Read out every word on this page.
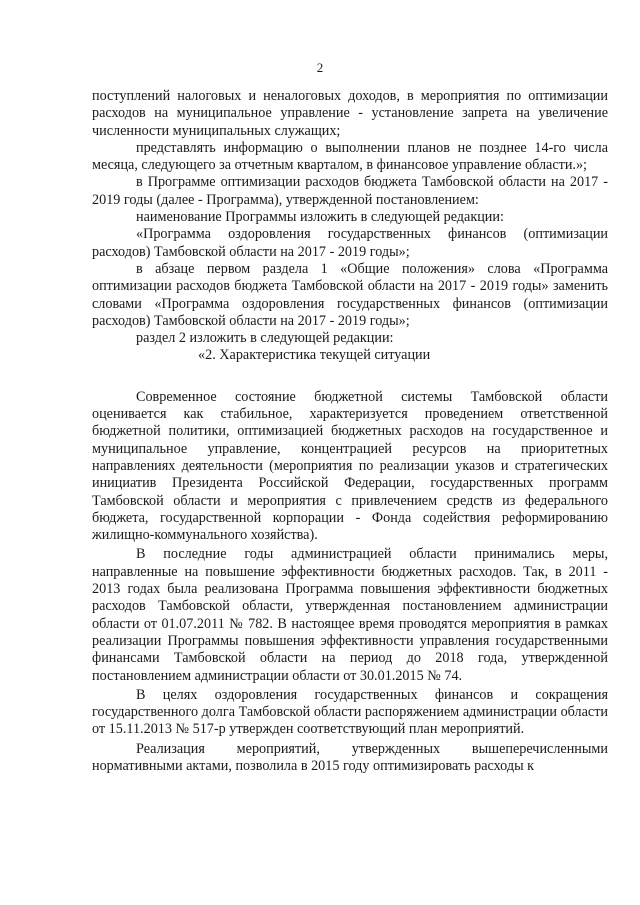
2

поступлений налоговых и неналоговых доходов, в мероприятия по оптимизации расходов на муниципальное управление - установление запрета на увеличение численности муниципальных служащих;

представлять информацию о выполнении планов не позднее 14-го числа месяца, следующего за отчетным кварталом, в финансовое управление области.»;

в Программе оптимизации расходов бюджета Тамбовской области на 2017 - 2019 годы (далее - Программа), утвержденной постановлением:

наименование Программы изложить в следующей редакции:

«Программа оздоровления государственных финансов (оптимизации расходов) Тамбовской области на 2017 - 2019 годы»;

в абзаце первом раздела 1 «Общие положения» слова «Программа оптимизации расходов бюджета Тамбовской области на 2017 - 2019 годы» заменить словами «Программа оздоровления государственных финансов (оптимизации расходов) Тамбовской области на 2017 - 2019 годы»;

раздел 2 изложить в следующей редакции:

«2. Характеристика текущей ситуации

Современное состояние бюджетной системы Тамбовской области оценивается как стабильное, характеризуется проведением ответственной бюджетной политики, оптимизацией бюджетных расходов на государственное и муниципальное управление, концентрацией ресурсов на приоритетных направлениях деятельности (мероприятия по реализации указов и стратегических инициатив Президента Российской Федерации, государственных программ Тамбовской области и мероприятия с привлечением средств из федерального бюджета, государственной корпорации - Фонда содействия реформированию жилищно-коммунального хозяйства).

В последние годы администрацией области принимались меры, направленные на повышение эффективности бюджетных расходов. Так, в 2011 - 2013 годах была реализована Программа повышения эффективности бюджетных расходов Тамбовской области, утвержденная постановлением администрации области от 01.07.2011 № 782. В настоящее время проводятся мероприятия в рамках реализации Программы повышения эффективности управления государственными финансами Тамбовской области на период до 2018 года, утвержденной постановлением администрации области от 30.01.2015 № 74.

В целях оздоровления государственных финансов и сокращения государственного долга Тамбовской области распоряжением администрации области от 15.11.2013 № 517-р утвержден соответствующий план мероприятий.

Реализация мероприятий, утвержденных вышеперечисленными нормативными актами, позволила в 2015 году оптимизировать расходы к
